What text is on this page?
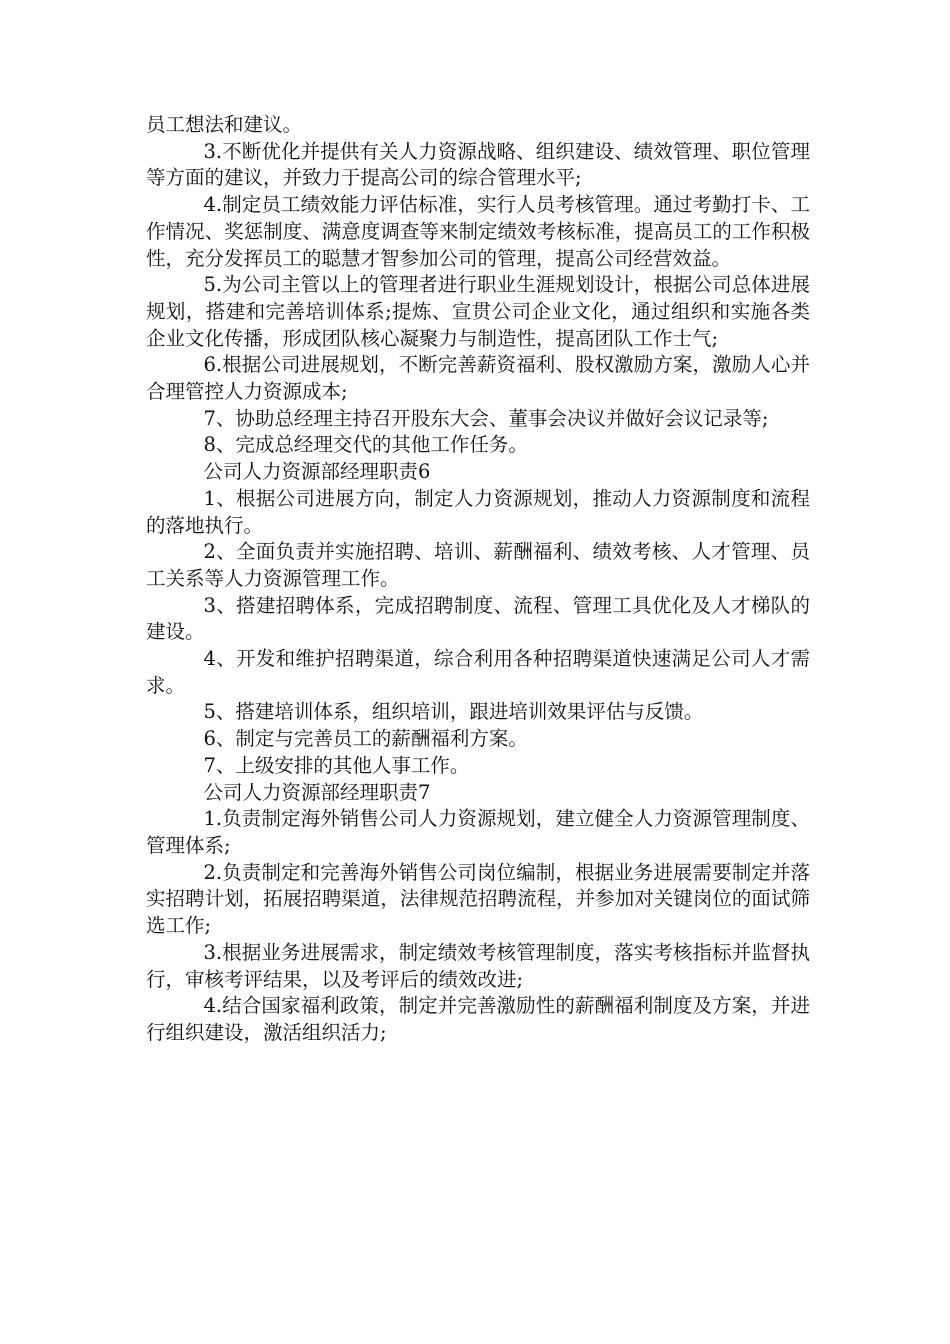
员工想法和建议。

3.不断优化并提供有关人力资源战略、组织建设、绩效管理、职位管理等方面的建议，并致力于提高公司的综合管理水平;

4.制定员工绩效能力评估标准，实行人员考核管理。通过考勤打卡、工作情况、奖惩制度、满意度调查等来制定绩效考核标准，提高员工的工作积极性，充分发挥员工的聪慧才智参加公司的管理，提高公司经营效益。

5.为公司主管以上的管理者进行职业生涯规划设计，根据公司总体进展规划，搭建和完善培训体系;提炼、宣贯公司企业文化，通过组织和实施各类企业文化传播，形成团队核心凝聚力与制造性，提高团队工作士气;

6.根据公司进展规划，不断完善薪资福利、股权激励方案，激励人心并合理管控人力资源成本;

7、协助总经理主持召开股东大会、董事会决议并做好会议记录等;

8、完成总经理交代的其他工作任务。

公司人力资源部经理职责6

1、根据公司进展方向，制定人力资源规划，推动人力资源制度和流程的落地执行。

2、全面负责并实施招聘、培训、薪酬福利、绩效考核、人才管理、员工关系等人力资源管理工作。

3、搭建招聘体系，完成招聘制度、流程、管理工具优化及人才梯队的建设。

4、开发和维护招聘渠道，综合利用各种招聘渠道快速满足公司人才需求。

5、搭建培训体系，组织培训，跟进培训效果评估与反馈。

6、制定与完善员工的薪酬福利方案。

7、上级安排的其他人事工作。

公司人力资源部经理职责7

1.负责制定海外销售公司人力资源规划，建立健全人力资源管理制度、管理体系;

2.负责制定和完善海外销售公司岗位编制，根据业务进展需要制定并落实招聘计划，拓展招聘渠道，法律规范招聘流程，并参加对关键岗位的面试筛选工作;

3.根据业务进展需求，制定绩效考核管理制度，落实考核指标并监督执行，审核考评结果，以及考评后的绩效改进;

4.结合国家福利政策，制定并完善激励性的薪酬福利制度及方案，并进行组织建设，激活组织活力;
